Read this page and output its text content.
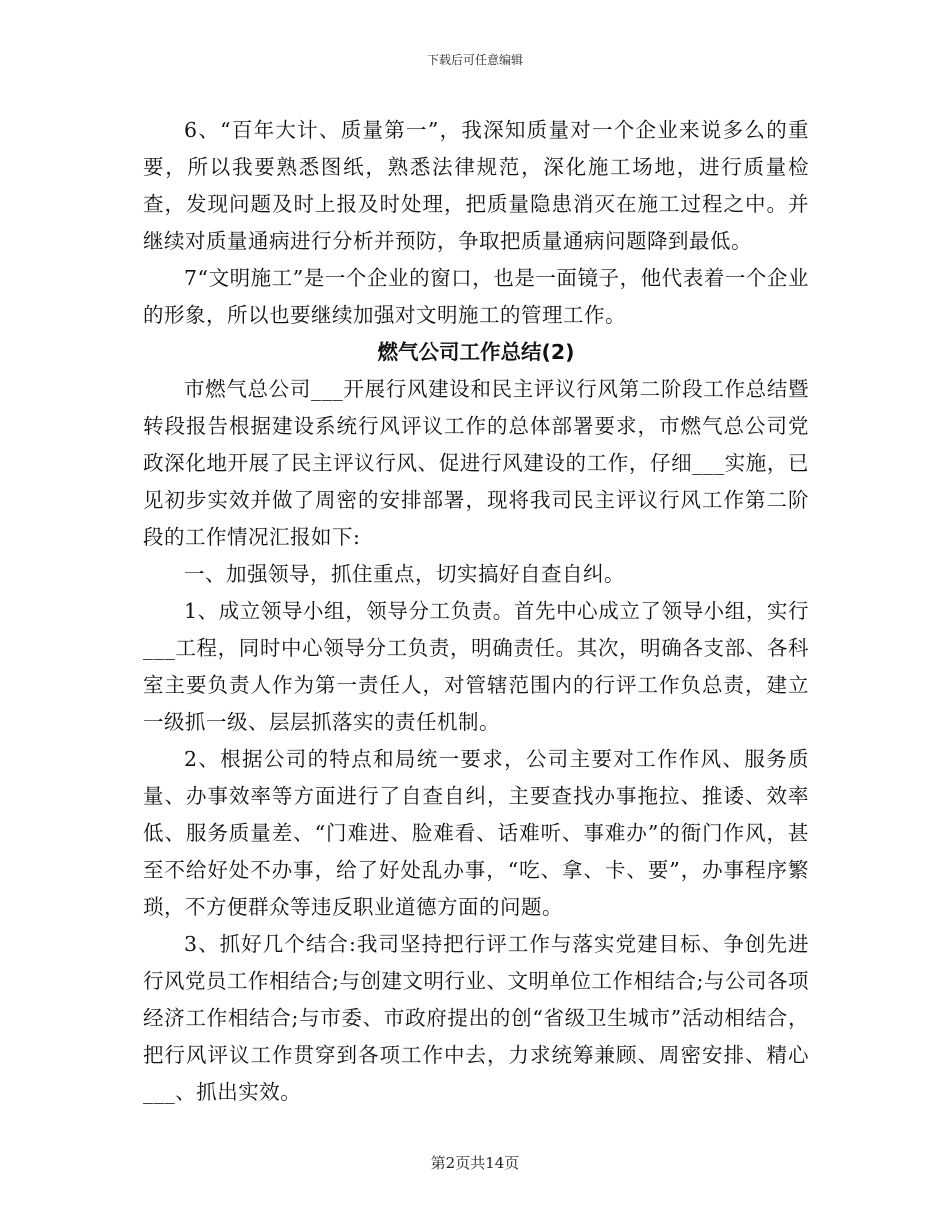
下载后可任意编辑

6、“百年大计、质量第一”，我深知质量对一个企业来说多么的重要，所以我要熟悉图纸，熟悉法律规范，深化施工场地，进行质量检查，发现问题及时上报及时处理，把质量隐患消灭在施工过程之中。并继续对质量通病进行分析并预防，争取把质量通病问题降到最低。

7“文明施工”是一个企业的窗口，也是一面镜子，他代表着一个企业的形象，所以也要继续加强对文明施工的管理工作。

燃气公司工作总结(2)

市燃气总公司___开展行风建设和民主评议行风第二阶段工作总结暨转段报告根据建设系统行风评议工作的总体部署要求，市燃气总公司党政深化地开展了民主评议行风、促进行风建设的工作，仔细___实施，已见初步实效并做了周密的安排部署，现将我司民主评议行风工作第二阶段的工作情况汇报如下:

一、加强领导，抓住重点，切实搞好自查自纠。

1、成立领导小组，领导分工负责。首先中心成立了领导小组，实行___工程，同时中心领导分工负责，明确责任。其次，明确各支部、各科室主要负责人作为第一责任人，对管辖范围内的行评工作负总责，建立一级抓一级、层层抓落实的责任机制。

2、根据公司的特点和局统一要求，公司主要对工作作风、服务质量、办事效率等方面进行了自查自纠，主要查找办事拖拉、推诿、效率低、服务质量差、“门难进、脸难看、话难听、事难办”的衙门作风，甚至不给好处不办事，给了好处乱办事，“吃、拿、卡、要”，办事程序繁琐，不方便群众等违反职业道德方面的问题。

3、抓好几个结合:我司坚持把行评工作与落实党建目标、争创先进行风党员工作相结合;与创建文明行业、文明单位工作相结合;与公司各项经济工作相结合;与市委、市政府提出的创“省级卫生城市”活动相结合，把行风评议工作贯穿到各项工作中去，力求统筹兼顾、周密安排、精心___、抓出实效。

第2页共14页
